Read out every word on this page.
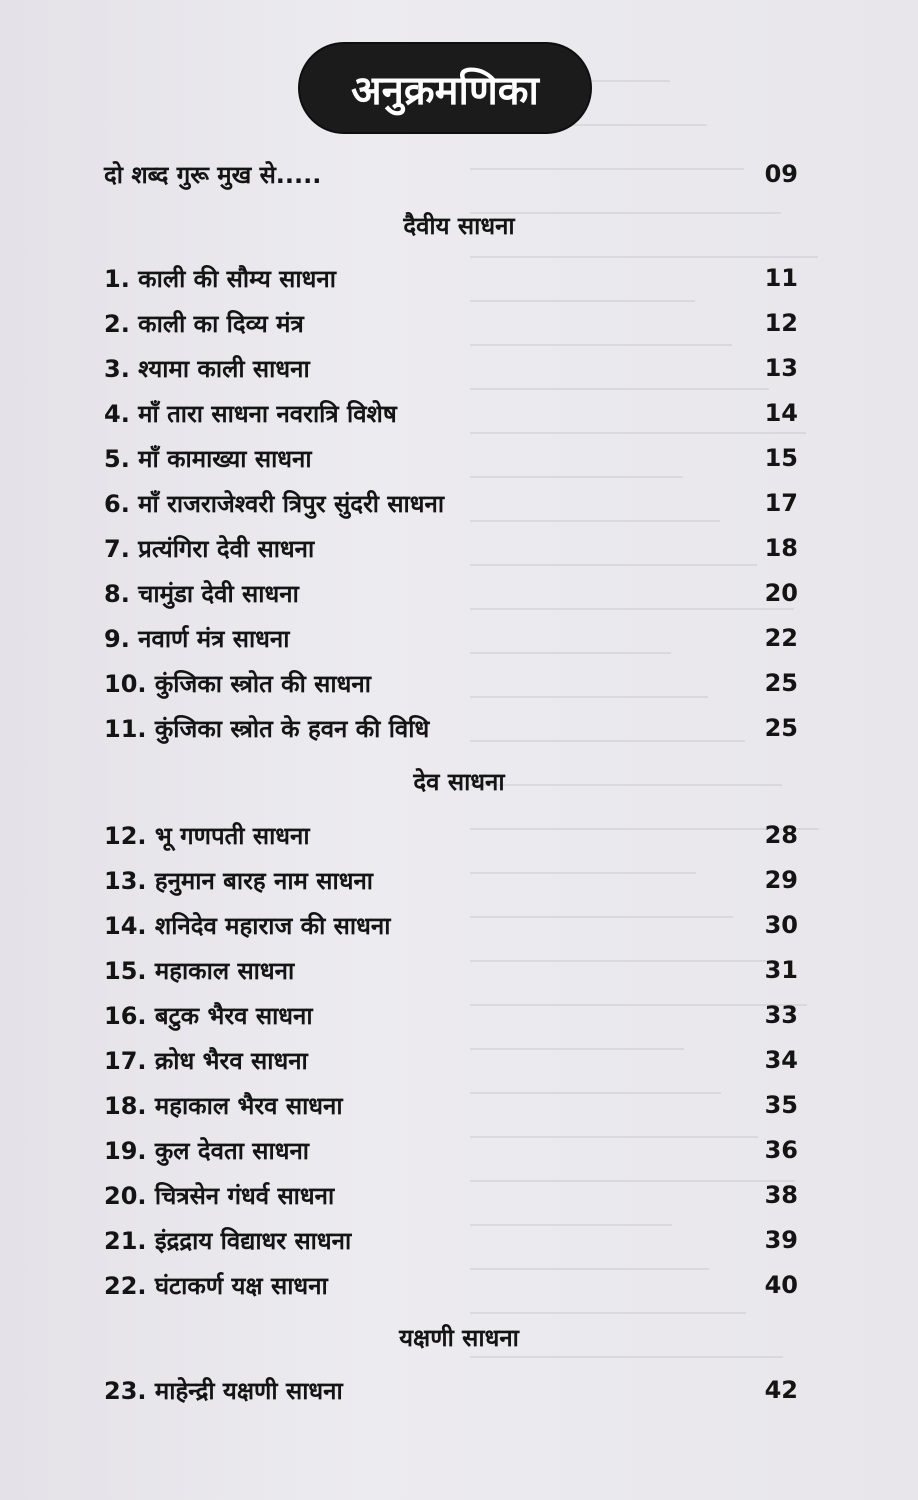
अनुक्रमणिका
दो शब्द गुरू मुख से.....	09
दैवीय साधना
1. काली की सौम्य साधना	11
2. काली का दिव्य मंत्र	12
3. श्यामा काली साधना	13
4. माँ तारा साधना नवरात्रि विशेष	14
5. माँ कामाख्या साधना	15
6. माँ राजराजेश्वरी त्रिपुर सुंदरी साधना	17
7. प्रत्यंगिरा देवी साधना	18
8. चामुंडा देवी साधना	20
9. नवार्ण मंत्र साधना	22
10. कुंजिका स्त्रोत की साधना	25
11. कुंजिका स्त्रोत के हवन की विधि	25
देव साधना
12. भू गणपती साधना	28
13. हनुमान बारह नाम साधना	29
14. शनिदेव महाराज की साधना	30
15. महाकाल साधना	31
16. बटुक भैरव साधना	33
17. क्रोध भैरव साधना	34
18. महाकाल भैरव साधना	35
19. कुल देवता साधना	36
20. चित्रसेन गंधर्व साधना	38
21. इंद्रद्राय विद्याधर साधना	39
22. घंटाकर्ण यक्ष साधना	40
यक्षणी साधना
23. माहेन्द्री यक्षणी साधना	42
